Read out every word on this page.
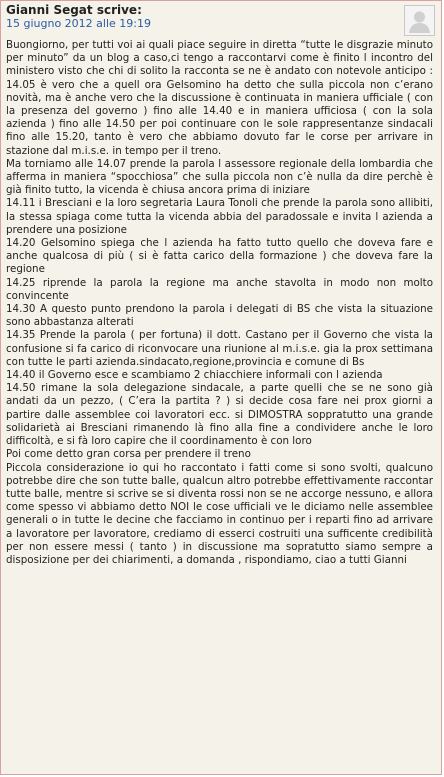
Gianni Segat scrive:
15 giugno 2012 alle 19:19

Buongiorno, per tutti voi ai quali piace seguire in diretta “tutte le disgrazie minuto per minuto” da un blog a caso,ci tengo a raccontarvi come è finito l incontro del ministero visto che chi di solito la racconta se ne è andato con notevole anticipo : 14.05 è vero che a quell ora Gelsomino ha detto che sulla piccola non c’erano novità, ma è anche vero che la discussione è continuata in maniera ufficiale ( con la presenza del governo ) fino alle 14.40 e in maniera ufficiosa ( con la sola azienda ) fino alle 14.50 per poi continuare con le sole rappresentanze sindacali fino alle 15.20, tanto è vero che abbiamo dovuto far le corse per arrivare in stazione dal m.i.s.e. in tempo per il treno.

Ma torniamo alle 14.07 prende la parola l assessore regionale della lombardia che afferma in maniera “spocchiosa” che sulla piccola non c’è nulla da dire perchè è già finito tutto, la vicenda è chiusa ancora prima di iniziare

14.11 i Bresciani e la loro segretaria Laura Tonoli che prende la parola sono allibiti, la stessa spiaga come tutta la vicenda abbia del paradossale e invita l azienda a prendere una posizione

14.20 Gelsomino spiega che l azienda ha fatto tutto quello che doveva fare e anche qualcosa di più ( si è fatta carico della formazione ) che doveva fare la regione

14.25 riprende la parola la regione ma anche stavolta in modo non molto convincente

14.30 A questo punto prendono la parola i delegati di BS che vista la situazione sono abbastanza alterati

14.35 Prende la parola ( per fortuna) il dott. Castano per il Governo che vista la confusione si fa carico di riconvocare una riunione al m.i.s.e. gia la prox settimana con tutte le parti azienda.sindacato,regione,provincia e comune di Bs

14.40 il Governo esce e scambiamo 2 chiacchiere informali con l azienda

14.50 rimane la sola delegazione sindacale, a parte quelli che se ne sono già andati da un pezzo, ( C’era la partita ? ) si decide cosa fare nei prox giorni a partire dalle assemblee coi lavoratori ecc. si DIMOSTRA soppratutto una grande solidarietà ai Bresciani rimanendo là fino alla fine a condividere anche le loro difficoltà, e si fà loro capire che il coordinamento è con loro

Poi come detto gran corsa per prendere il treno

Piccola considerazione io qui ho raccontato i fatti come si sono svolti, qualcuno potrebbe dire che son tutte balle, qualcun altro potrebbe effettivamente raccontar tutte balle, mentre si scrive se si diventa rossi non se ne accorge nessuno, e allora come spesso vi abbiamo detto NOI le cose ufficiali ve le diciamo nelle assemblee generali o in tutte le decine che facciamo in continuo per i reparti fino ad arrivare a lavoratore per lavoratore, crediamo di esserci costruiti una sufficente credibilità per non essere messi ( tanto ) in discussione ma sopratutto siamo sempre a disposizione per dei chiarimenti, a domanda , rispondiamo, ciao a tutti Gianni
